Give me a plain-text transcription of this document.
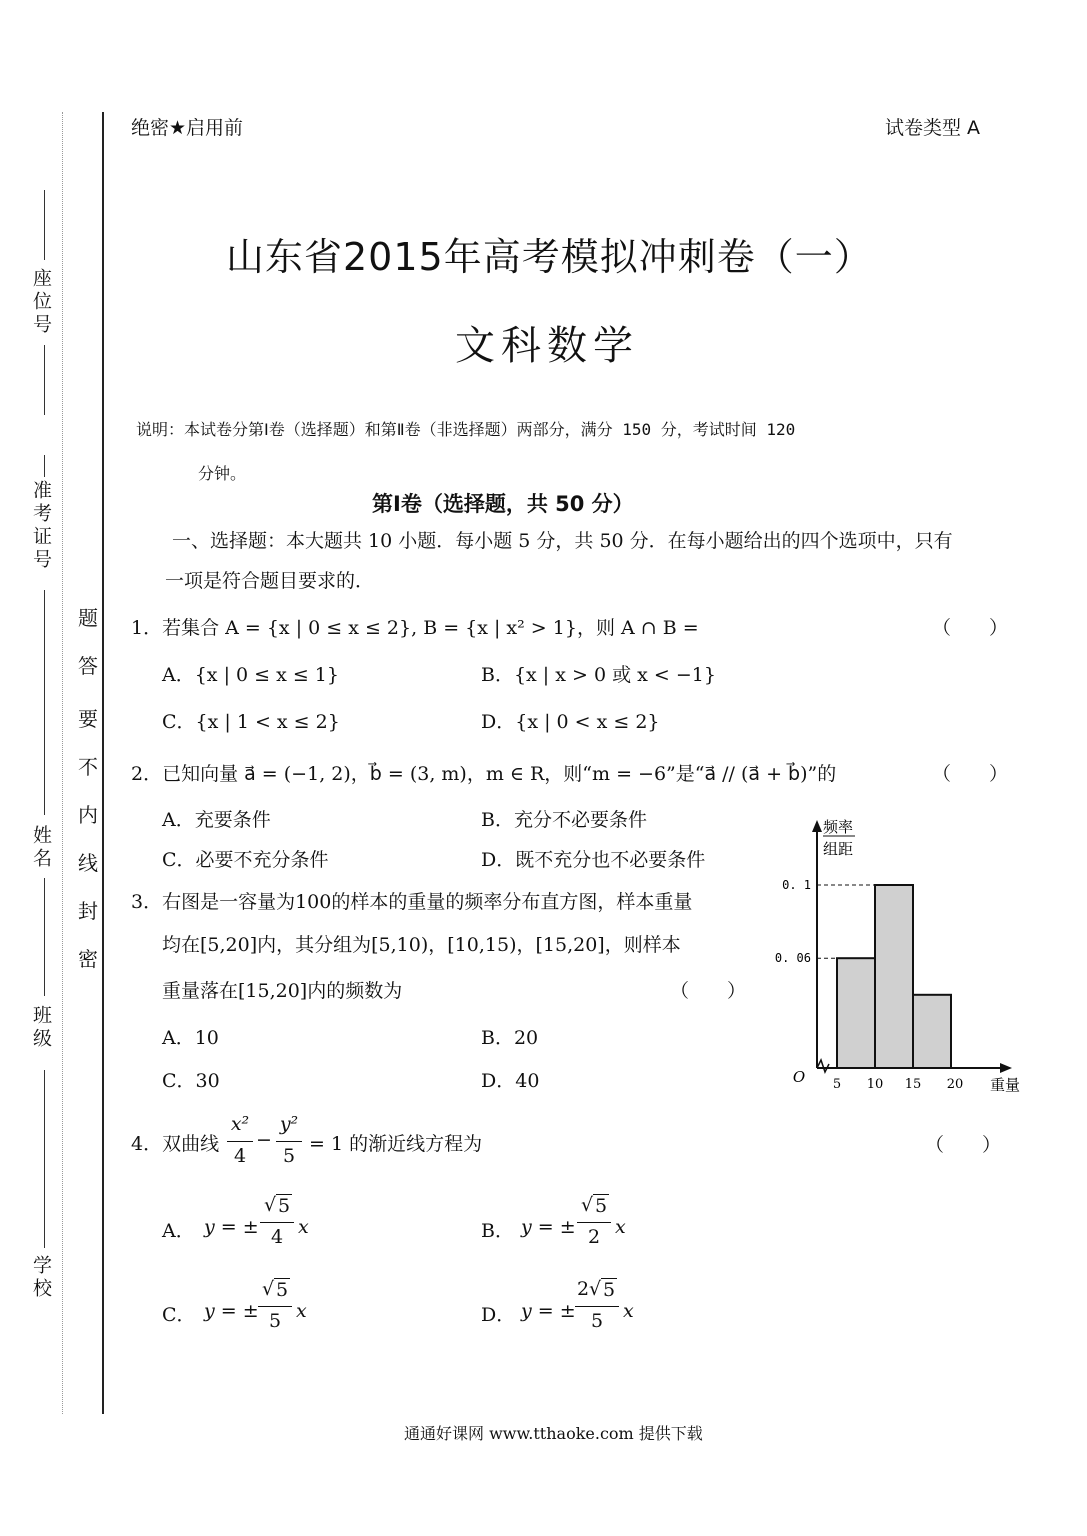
座位号
准考证号
姓名
班级
学校
密
封
线
内
不
要
答
题
绝密★启用前	试卷类型 A
山东省2015年高考模拟冲刺卷（一）
文科数学
说明：本试卷分第Ⅰ卷（选择题）和第Ⅱ卷（非选择题）两部分，满分 150 分，考试时间 120
分钟。
第Ⅰ卷（选择题，共 50 分）
一、选择题：本大题共 10 小题．每小题 5 分，共 50 分．在每小题给出的四个选项中，只有
一项是符合题目要求的．
1．若集合 A = {x | 0 ≤ x ≤ 2}, B = {x | x² > 1}，则 A ∩ B =	（　　）
A．{x | 0 ≤ x ≤ 1}	B．{x | x > 0 或 x < −1}
C．{x | 1 < x ≤ 2}	D．{x | 0 < x ≤ 2}
2．已知向量 a⃗ = (−1, 2)，b⃗ = (3, m)，m ∈ R，则“m = −6”是“a⃗ // (a⃗ + b⃗)”的	（　　）
A．充要条件	B．充分不必要条件
C．必要不充分条件	D．既不充分也不必要条件
3．右图是一容量为100的样本的重量的频率分布直方图，样本重量
均在[5,20]内，其分组为[5,10)，[10,15)，[15,20]，则样本
重量落在[15,20]内的频数为	（　　）
A．10	B．20
C．30	D．40
0. 1
0. 06
5 10 15 20
频率
组距
O	重量
4．双曲线
x²
4
−
y²
5
= 1 的渐近线方程为	（　　）
A． y = ±
√ 5
4 x	B． y = ±
√ 5
2 x
C． y = ±
√ 5
5 x	D． y = ±
2 √ 5
5	x
通通好课网 www.tthaoke.com 提供下载
